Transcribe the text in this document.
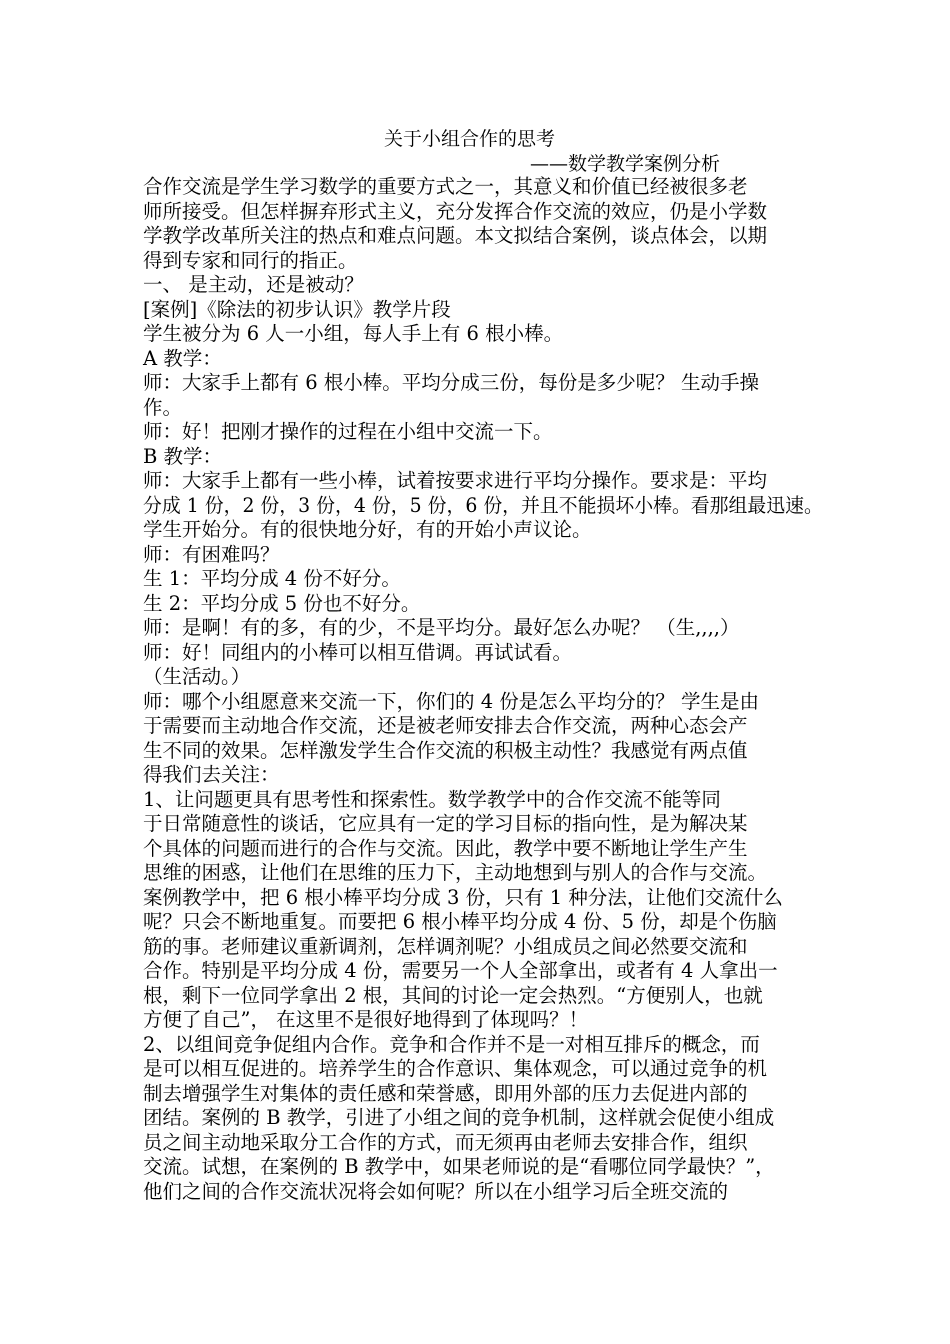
关于小组合作的思考
——数学教学案例分析
合作交流是学生学习数学的重要方式之一，其意义和价值已经被很多老
师所接受。但怎样摒弃形式主义，充分发挥合作交流的效应，仍是小学数
学教学改革所关注的热点和难点问题。本文拟结合案例，谈点体会，以期
得到专家和同行的指正。
一、 是主动，还是被动？
[案例]《除法的初步认识》教学片段
学生被分为 6 人一小组，每人手上有 6 根小棒。
A 教学：
师：大家手上都有 6 根小棒。平均分成三份，每份是多少呢？ 生动手操
作。
师：好！把刚才操作的过程在小组中交流一下。
B 教学：
师：大家手上都有一些小棒，试着按要求进行平均分操作。要求是：平均
分成 1 份，2 份，3 份，4 份，5 份，6 份，并且不能损坏小棒。看那组最迅速。
学生开始分。有的很快地分好，有的开始小声议论。
师：有困难吗？
生 1：平均分成 4 份不好分。
生 2：平均分成 5 份也不好分。
师：是啊！有的多，有的少，不是平均分。最好怎么办呢？ （生,,,,）
师：好！同组内的小棒可以相互借调。再试试看。
（生活动。）
师：哪个小组愿意来交流一下，你们的 4 份是怎么平均分的？ 学生是由
于需要而主动地合作交流，还是被老师安排去合作交流，两种心态会产
生不同的效果。怎样激发学生合作交流的积极主动性？我感觉有两点值
得我们去关注：
1、让问题更具有思考性和探索性。数学教学中的合作交流不能等同
于日常随意性的谈话，它应具有一定的学习目标的指向性，是为解决某
个具体的问题而进行的合作与交流。因此，教学中要不断地让学生产生
思维的困惑，让他们在思维的压力下，主动地想到与别人的合作与交流。
案例教学中，把 6 根小棒平均分成 3 份，只有 1 种分法，让他们交流什么
呢？只会不断地重复。而要把 6 根小棒平均分成 4 份、5 份，却是个伤脑
筋的事。老师建议重新调剂，怎样调剂呢？小组成员之间必然要交流和
合作。特别是平均分成 4 份，需要另一个人全部拿出，或者有 4 人拿出一
根，剩下一位同学拿出 2 根，其间的讨论一定会热烈。“方便别人，也就
方便了自己”， 在这里不是很好地得到了体现吗？！
2、以组间竞争促组内合作。竞争和合作并不是一对相互排斥的概念，而
是可以相互促进的。培养学生的合作意识、集体观念，可以通过竞争的机
制去增强学生对集体的责任感和荣誉感，即用外部的压力去促进内部的
团结。案例的 B 教学，引进了小组之间的竞争机制，这样就会促使小组成
员之间主动地采取分工合作的方式，而无须再由老师去安排合作，组织
交流。试想，在案例的 B 教学中，如果老师说的是“看哪位同学最快？”，
他们之间的合作交流状况将会如何呢？所以在小组学习后全班交流的
